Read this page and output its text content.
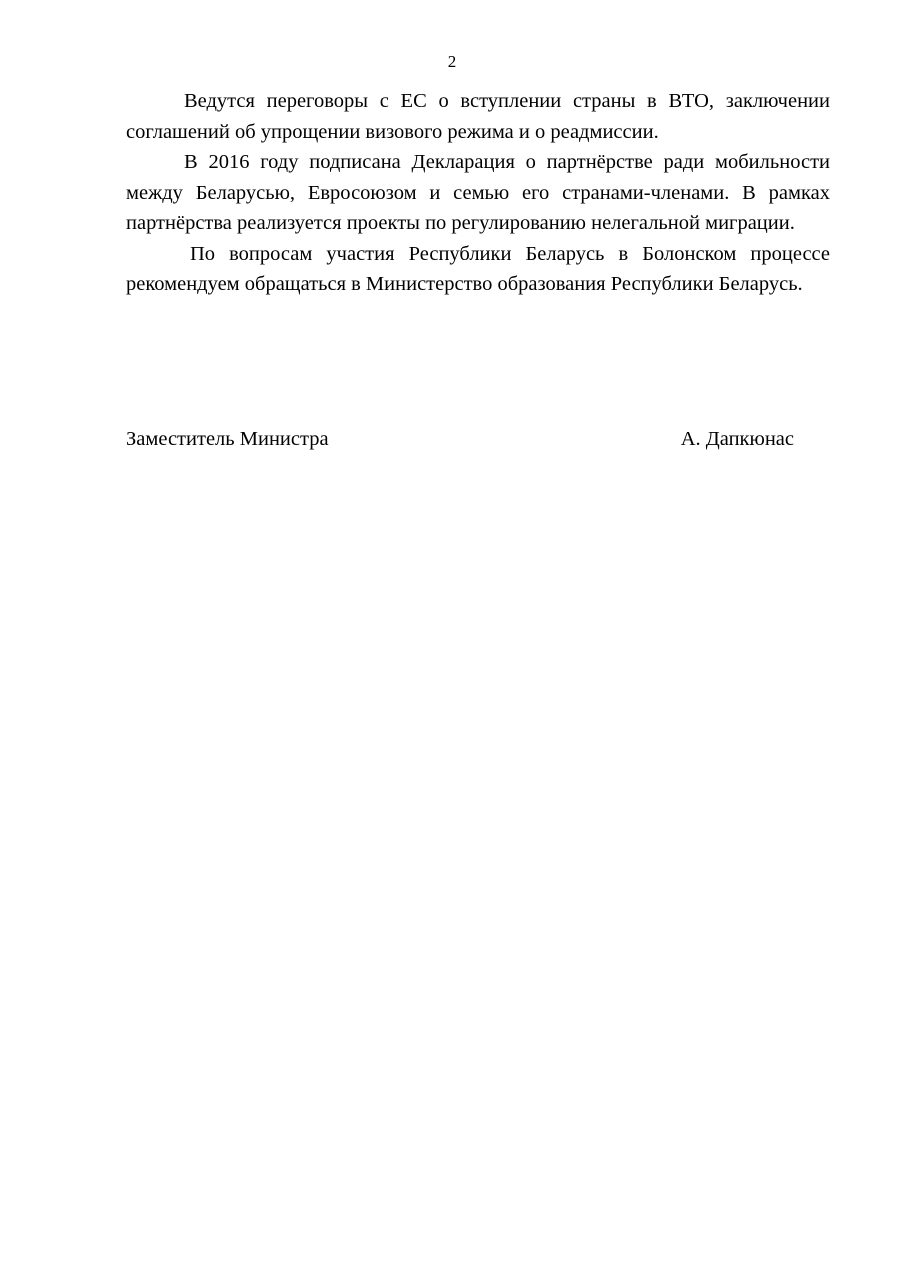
2

Ведутся переговоры с ЕС о вступлении страны в ВТО, заключении соглашений об упрощении визового режима и о реадмиссии.

В 2016 году подписана Декларация о партнёрстве ради мобильности между Беларусью, Евросоюзом и семью его странами-членами. В рамках партнёрства реализуется проекты по регулированию нелегальной миграции.

По вопросам участия Республики Беларусь в Болонском процессе рекомендуем обращаться в Министерство образования Республики Беларусь.

Заместитель Министра	А. Дапкюнас
